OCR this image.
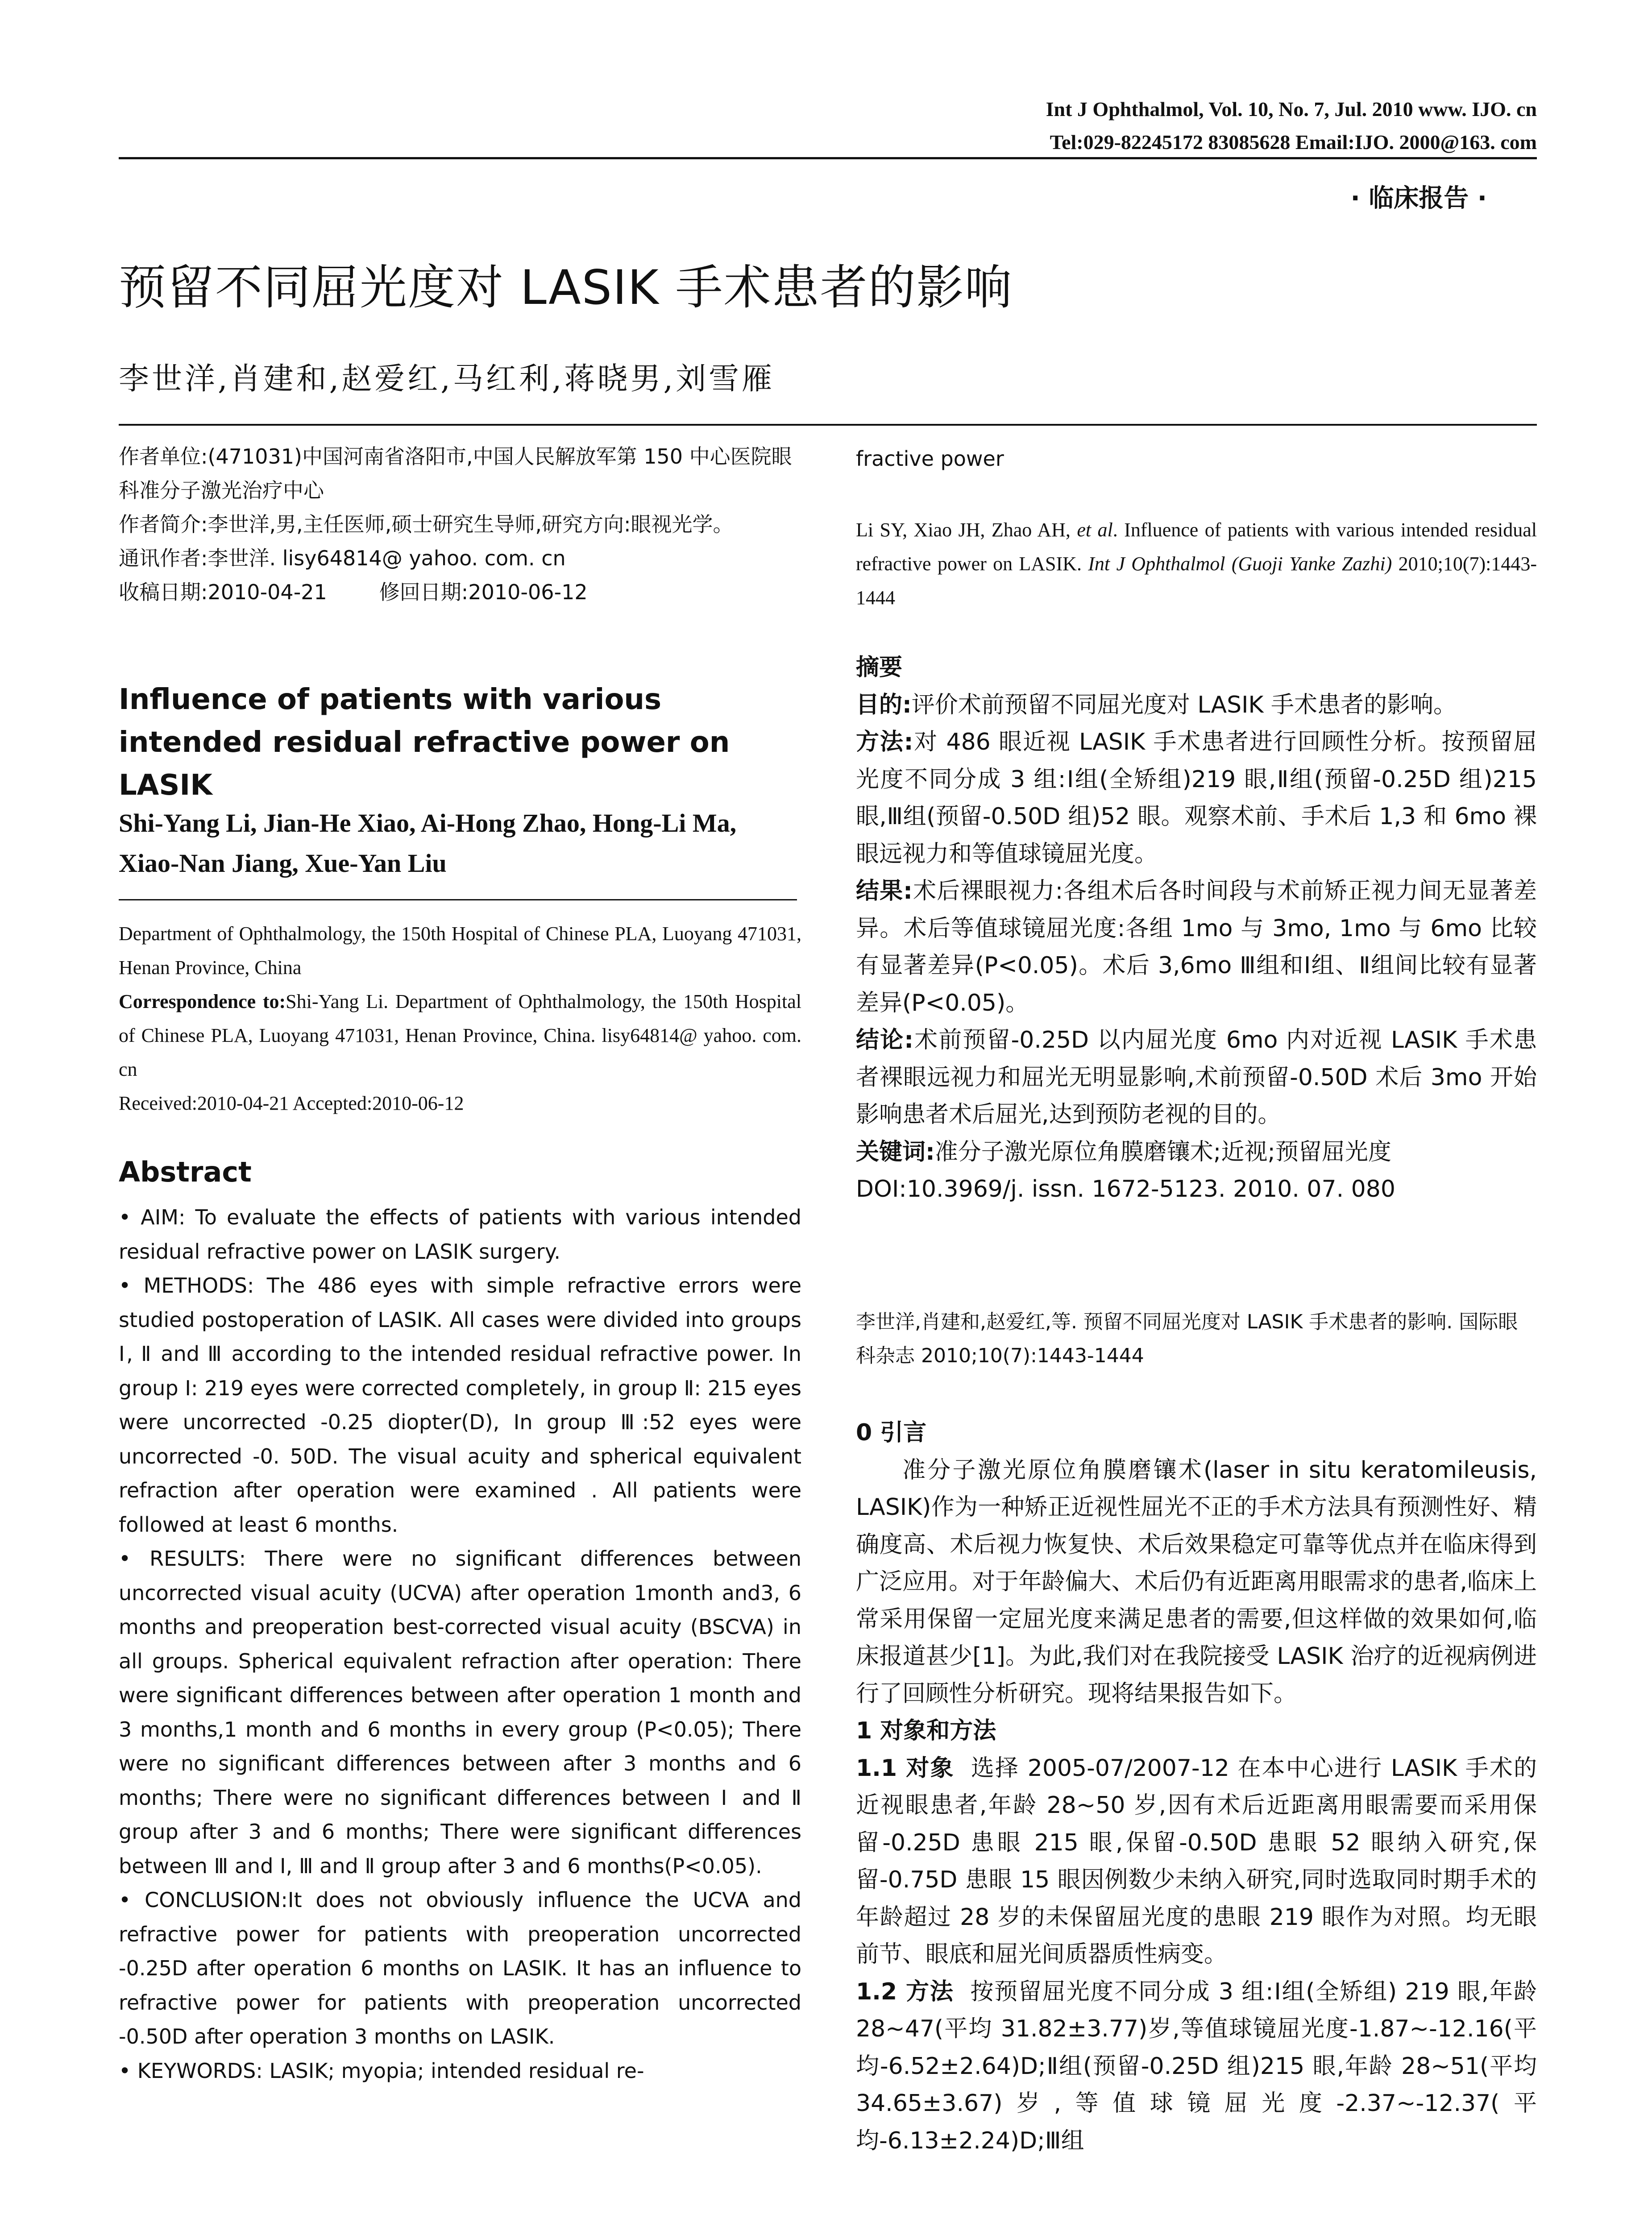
Int J Ophthalmol, Vol. 10, No. 7, Jul. 2010 www. IJO. cn
Tel:029-82245172 83085628 Email:IJO. 2000@163. com
· 临床报告 ·
预留不同屈光度对 LASIK 手术患者的影响
李世洋,肖建和,赵爱红,马红利,蒋晓男,刘雪雁
作者单位:(471031)中国河南省洛阳市,中国人民解放军第 150 中心医院眼科准分子激光治疗中心
作者简介:李世洋,男,主任医师,硕士研究生导师,研究方向:眼视光学。
通讯作者:李世洋. lisy64814@ yahoo. com. cn
收稿日期:2010-04-21        修回日期:2010-06-12
Influence of patients with various intended residual refractive power on LASIK
Shi-Yang Li, Jian-He Xiao, Ai-Hong Zhao, Hong-Li Ma, Xiao-Nan Jiang, Xue-Yan Liu
Department of Ophthalmology, the 150th Hospital of Chinese PLA, Luoyang 471031, Henan Province, China
Correspondence to:Shi-Yang Li. Department of Ophthalmology, the 150th Hospital of Chinese PLA, Luoyang 471031, Henan Province, China. lisy64814@ yahoo. com. cn
Received:2010-04-21 Accepted:2010-06-12
Abstract

• AIM: To evaluate the effects of patients with various intended residual refractive power on LASIK surgery.

• METHODS: The 486 eyes with simple refractive errors were studied postoperation of LASIK. All cases were divided into groups Ⅰ, Ⅱ and Ⅲ according to the intended residual refractive power. In group Ⅰ: 219 eyes were corrected completely, in group Ⅱ: 215 eyes were uncorrected -0.25 diopter(D), In group Ⅲ:52 eyes were uncorrected -0. 50D. The visual acuity and spherical equivalent refraction after operation were examined . All patients were followed at least 6 months.

• RESULTS: There were no significant differences between uncorrected visual acuity (UCVA) after operation 1month and3, 6 months and preoperation best-corrected visual acuity (BSCVA) in all groups. Spherical equivalent refraction after operation: There were significant differences between after operation 1 month and 3 months,1 month and 6 months in every group (P<0.05); There were no significant differences between after 3 months and 6 months; There were no significant differences between Ⅰ and Ⅱ group after 3 and 6 months; There were significant differences between Ⅲ and Ⅰ, Ⅲ and Ⅱ group after 3 and 6 months(P<0.05).

• CONCLUSION:It does not obviously influence the UCVA and refractive power for patients with preoperation uncorrected -0.25D after operation 6 months on LASIK. It has an influence to refractive power for patients with preoperation uncorrected -0.50D after operation 3 months on LASIK.

• KEYWORDS: LASIK; myopia; intended residual re-

fractive power
Li SY, Xiao JH, Zhao AH, et al. Influence of patients with various intended residual refractive power on LASIK. Int J Ophthalmol (Guoji Yanke Zazhi) 2010;10(7):1443-1444

摘要

目的:评价术前预留不同屈光度对 LASIK 手术患者的影响。

方法:对 486 眼近视 LASIK 手术患者进行回顾性分析。按预留屈光度不同分成 3 组:Ⅰ组(全矫组)219 眼,Ⅱ组(预留-0.25D 组)215 眼,Ⅲ组(预留-0.50D 组)52 眼。观察术前、手术后 1,3 和 6mo 裸眼远视力和等值球镜屈光度。

结果:术后裸眼视力:各组术后各时间段与术前矫正视力间无显著差异。术后等值球镜屈光度:各组 1mo 与 3mo, 1mo 与 6mo 比较有显著差异(P<0.05)。术后 3,6mo Ⅲ组和Ⅰ组、Ⅱ组间比较有显著差异(P<0.05)。

结论:术前预留-0.25D 以内屈光度 6mo 内对近视 LASIK 手术患者裸眼远视力和屈光无明显影响,术前预留-0.50D 术后 3mo 开始影响患者术后屈光,达到预防老视的目的。

关键词:准分子激光原位角膜磨镶术;近视;预留屈光度

DOI:10.3969/j. issn. 1672-5123. 2010. 07. 080

李世洋,肖建和,赵爱红,等. 预留不同屈光度对 LASIK 手术患者的影响. 国际眼科杂志 2010;10(7):1443-1444

0 引言

准分子激光原位角膜磨镶术(laser in situ keratomileusis, LASIK)作为一种矫正近视性屈光不正的手术方法具有预测性好、精确度高、术后视力恢复快、术后效果稳定可靠等优点并在临床得到广泛应用。对于年龄偏大、术后仍有近距离用眼需求的患者,临床上常采用保留一定屈光度来满足患者的需要,但这样做的效果如何,临床报道甚少[1]。为此,我们对在我院接受 LASIK 治疗的近视病例进行了回顾性分析研究。现将结果报告如下。

1 对象和方法

1.1 对象 选择 2005-07/2007-12 在本中心进行 LASIK 手术的近视眼患者,年龄 28~50 岁,因有术后近距离用眼需要而采用保留-0.25D 患眼 215 眼,保留-0.50D 患眼 52 眼纳入研究,保留-0.75D 患眼 15 眼因例数少未纳入研究,同时选取同时期手术的年龄超过 28 岁的未保留屈光度的患眼 219 眼作为对照。均无眼前节、眼底和屈光间质器质性病变。

1.2 方法 按预留屈光度不同分成 3 组:Ⅰ组(全矫组) 219 眼,年龄 28~47(平均 31.82±3.77)岁,等值球镜屈光度-1.87~-12.16(平均-6.52±2.64)D;Ⅱ组(预留-0.25D 组)215 眼,年龄 28~51(平均 34.65±3.67)岁,等值球镜屈光度-2.37~-12.37(平均-6.13±2.24)D;Ⅲ组
